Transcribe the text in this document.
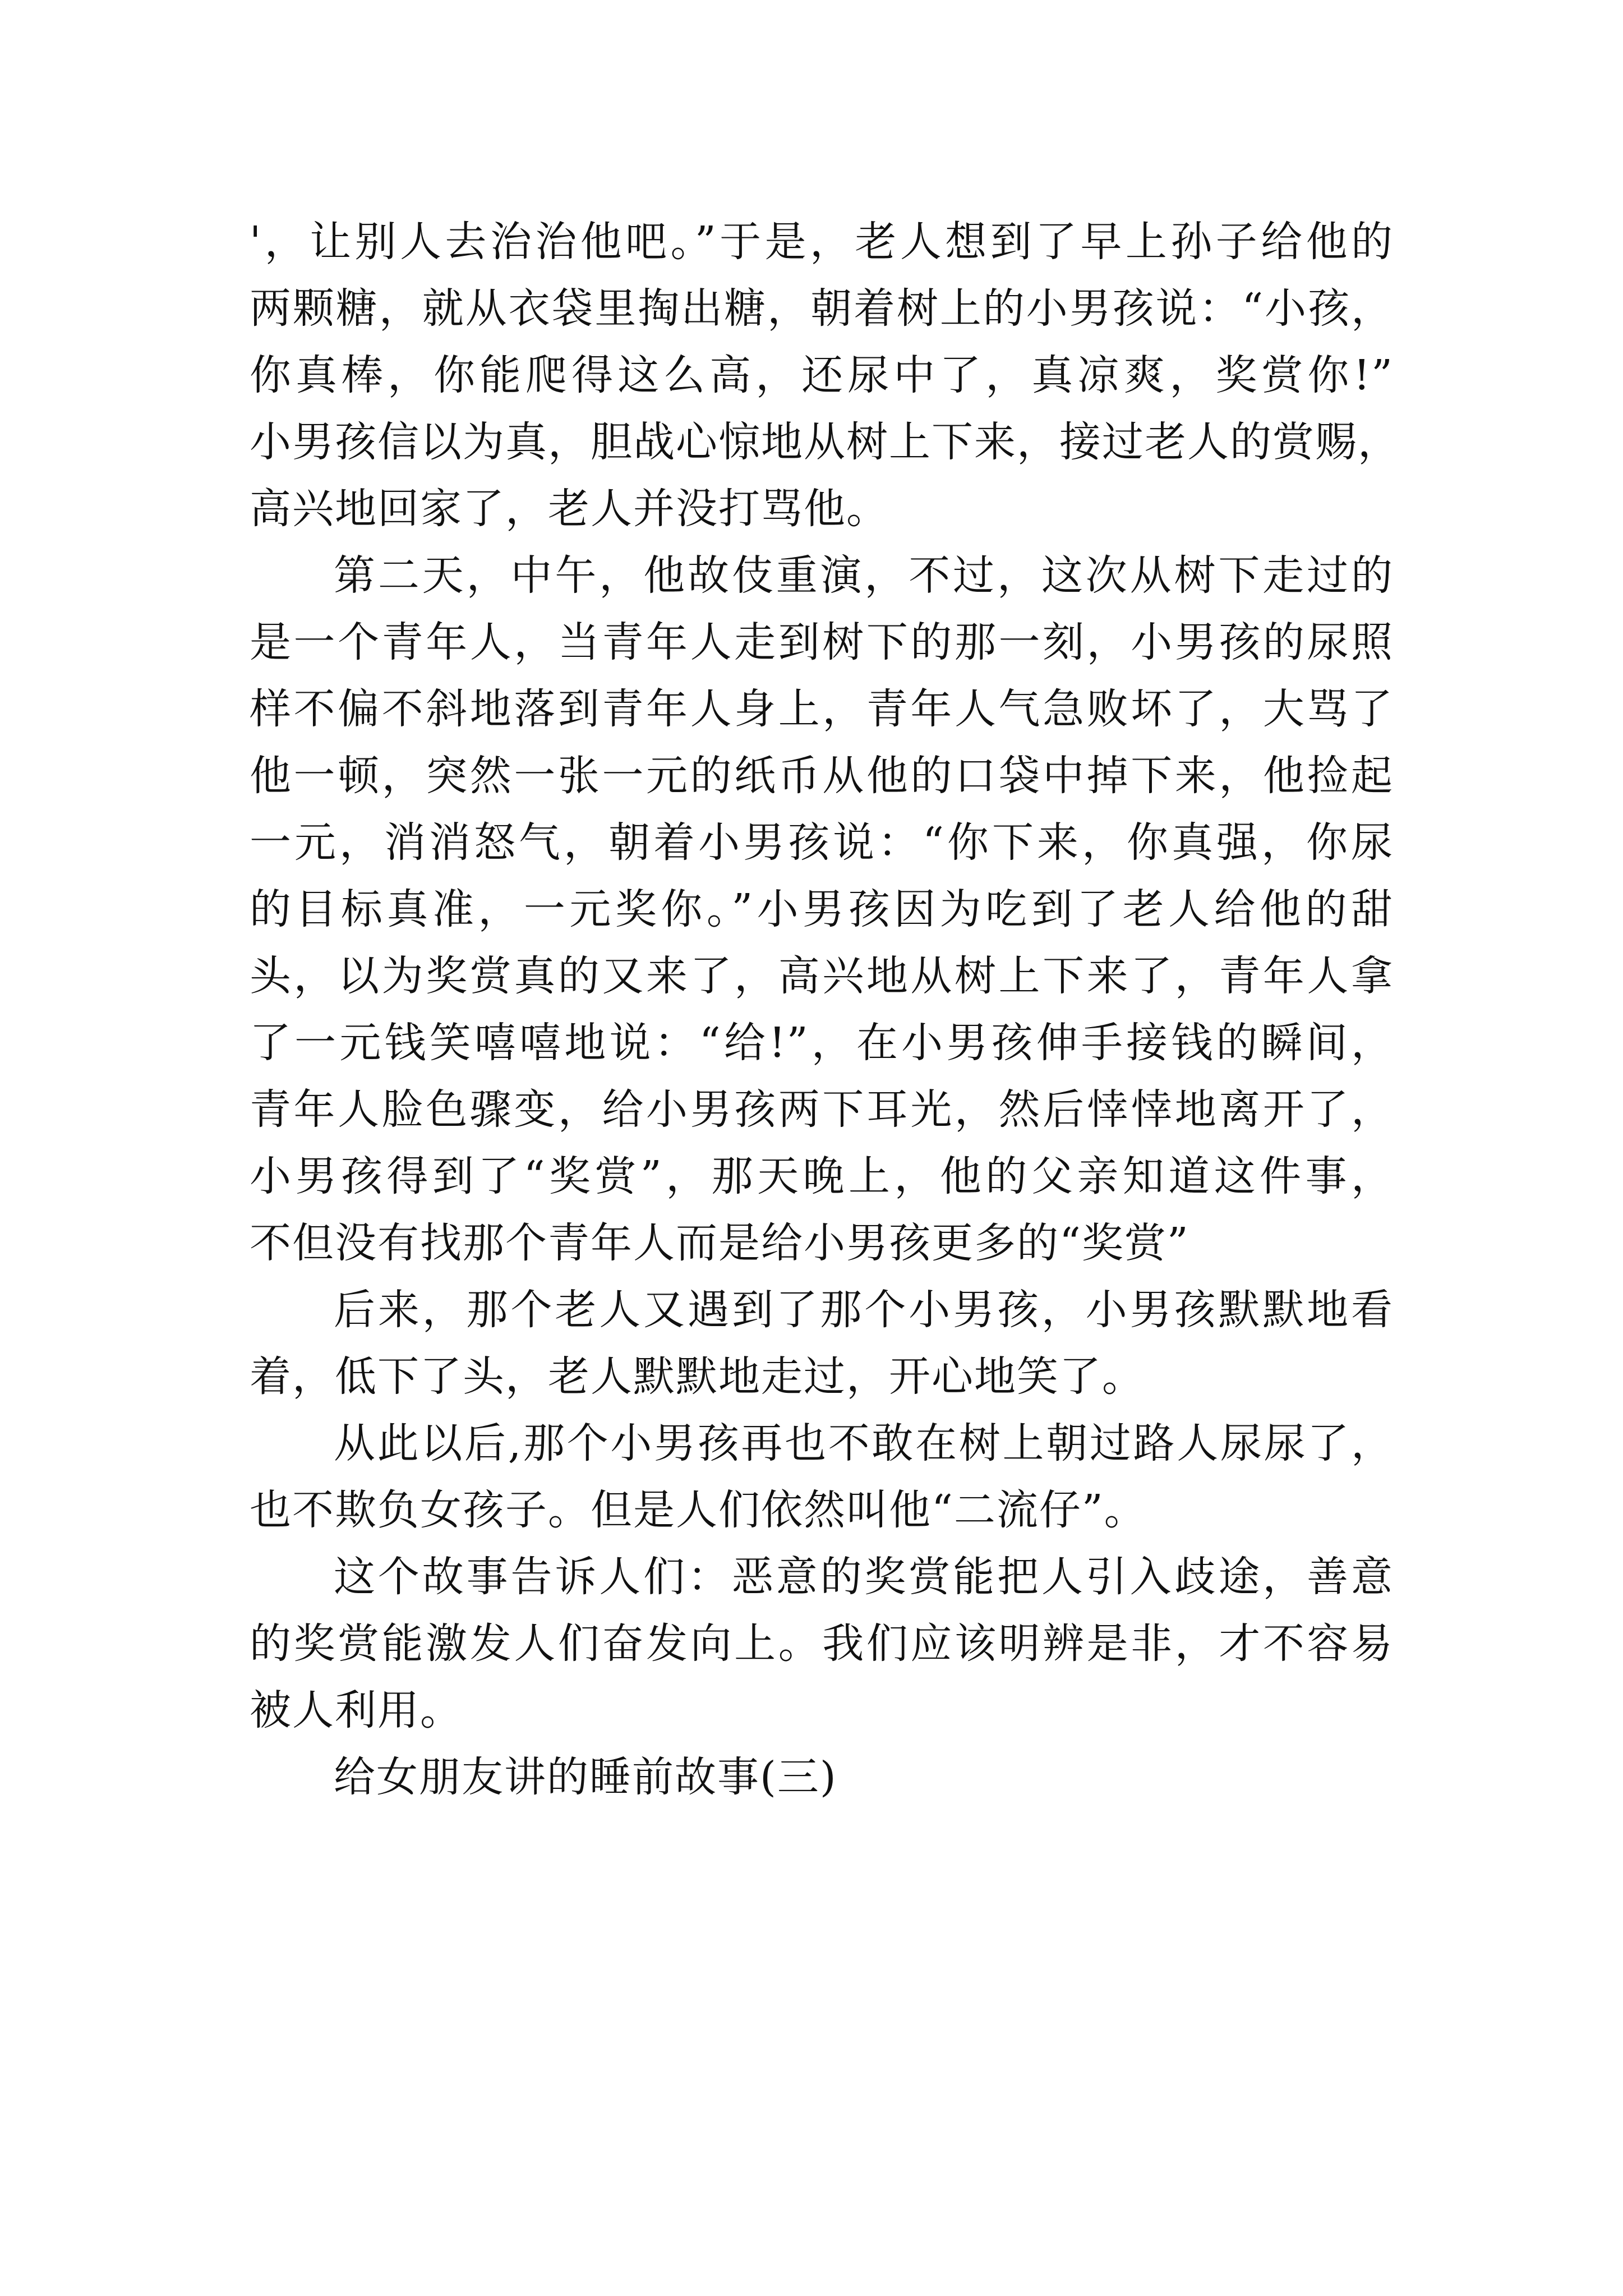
'，让别人去治治他吧。”于是，老人想到了早上孙子给他的
两颗糖，就从衣袋里掏出糖，朝着树上的小男孩说：“小孩，
你真棒，你能爬得这么高，还尿中了，真凉爽，奖赏你!”
小男孩信以为真，胆战心惊地从树上下来，接过老人的赏赐，
高兴地回家了，老人并没打骂他。
第二天，中午，他故伎重演，不过，这次从树下走过的
是一个青年人，当青年人走到树下的那一刻，小男孩的尿照
样不偏不斜地落到青年人身上，青年人气急败坏了，大骂了
他一顿，突然一张一元的纸币从他的口袋中掉下来，他捡起
一元，消消怒气，朝着小男孩说：“你下来，你真强，你尿
的目标真准，一元奖你。”小男孩因为吃到了老人给他的甜
头，以为奖赏真的又来了，高兴地从树上下来了，青年人拿
了一元钱笑嘻嘻地说：“给!”，在小男孩伸手接钱的瞬间，
青年人脸色骤变，给小男孩两下耳光，然后悻悻地离开了，
小男孩得到了“奖赏”，那天晚上，他的父亲知道这件事，
不但没有找那个青年人而是给小男孩更多的“奖赏”
后来，那个老人又遇到了那个小男孩，小男孩默默地看
着，低下了头，老人默默地走过，开心地笑了。
从此以后,那个小男孩再也不敢在树上朝过路人尿尿了，
也不欺负女孩子。但是人们依然叫他“二流仔”。
这个故事告诉人们：恶意的奖赏能把人引入歧途，善意
的奖赏能激发人们奋发向上。我们应该明辨是非，才不容易
被人利用。
给女朋友讲的睡前故事(三)
